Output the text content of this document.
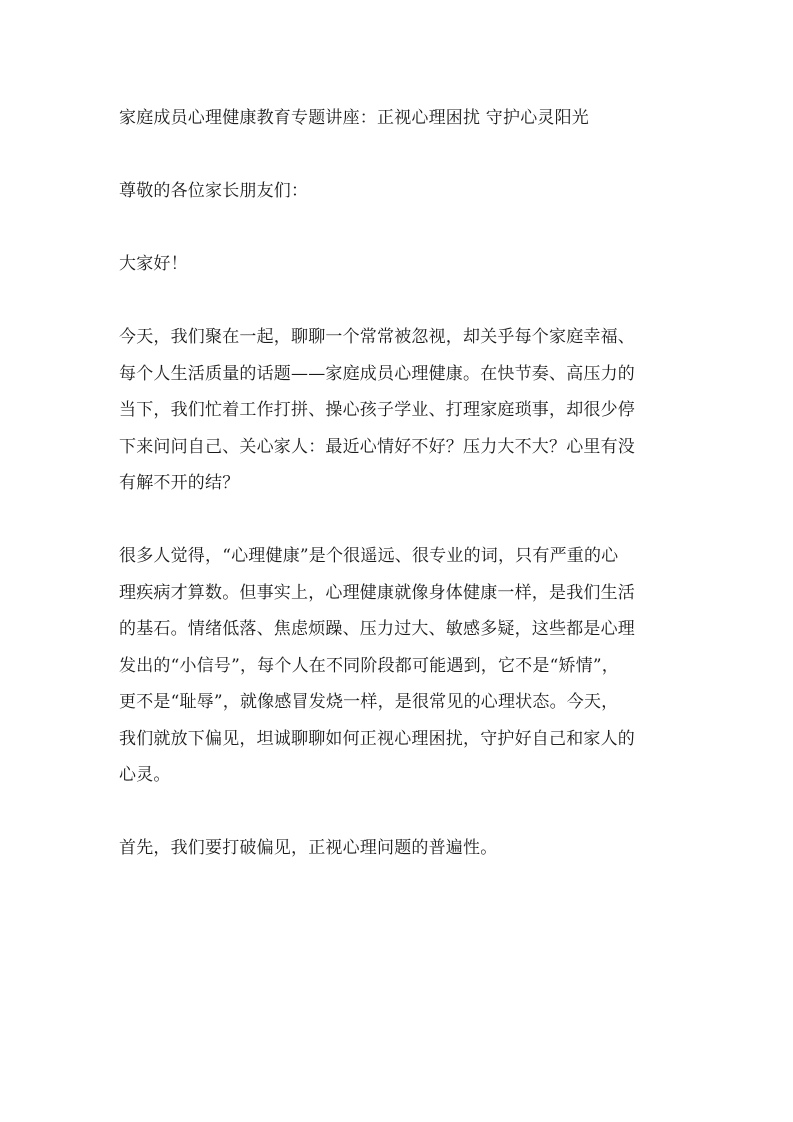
家庭成员心理健康教育专题讲座：正视心理困扰 守护心灵阳光
尊敬的各位家长朋友们：
大家好！
今天，我们聚在一起，聊聊一个常常被忽视，却关乎每个家庭幸福、
每个人生活质量的话题——家庭成员心理健康。在快节奏、高压力的
当下，我们忙着工作打拼、操心孩子学业、打理家庭琐事，却很少停
下来问问自己、关心家人：最近心情好不好？压力大不大？心里有没
有解不开的结？
很多人觉得，“心理健康”是个很遥远、很专业的词，只有严重的心
理疾病才算数。但事实上，心理健康就像身体健康一样，是我们生活
的基石。情绪低落、焦虑烦躁、压力过大、敏感多疑，这些都是心理
发出的“小信号”，每个人在不同阶段都可能遇到，它不是“矫情”，
更不是“耻辱”，就像感冒发烧一样，是很常见的心理状态。今天，
我们就放下偏见，坦诚聊聊如何正视心理困扰，守护好自己和家人的
心灵。
首先，我们要打破偏见，正视心理问题的普遍性。
